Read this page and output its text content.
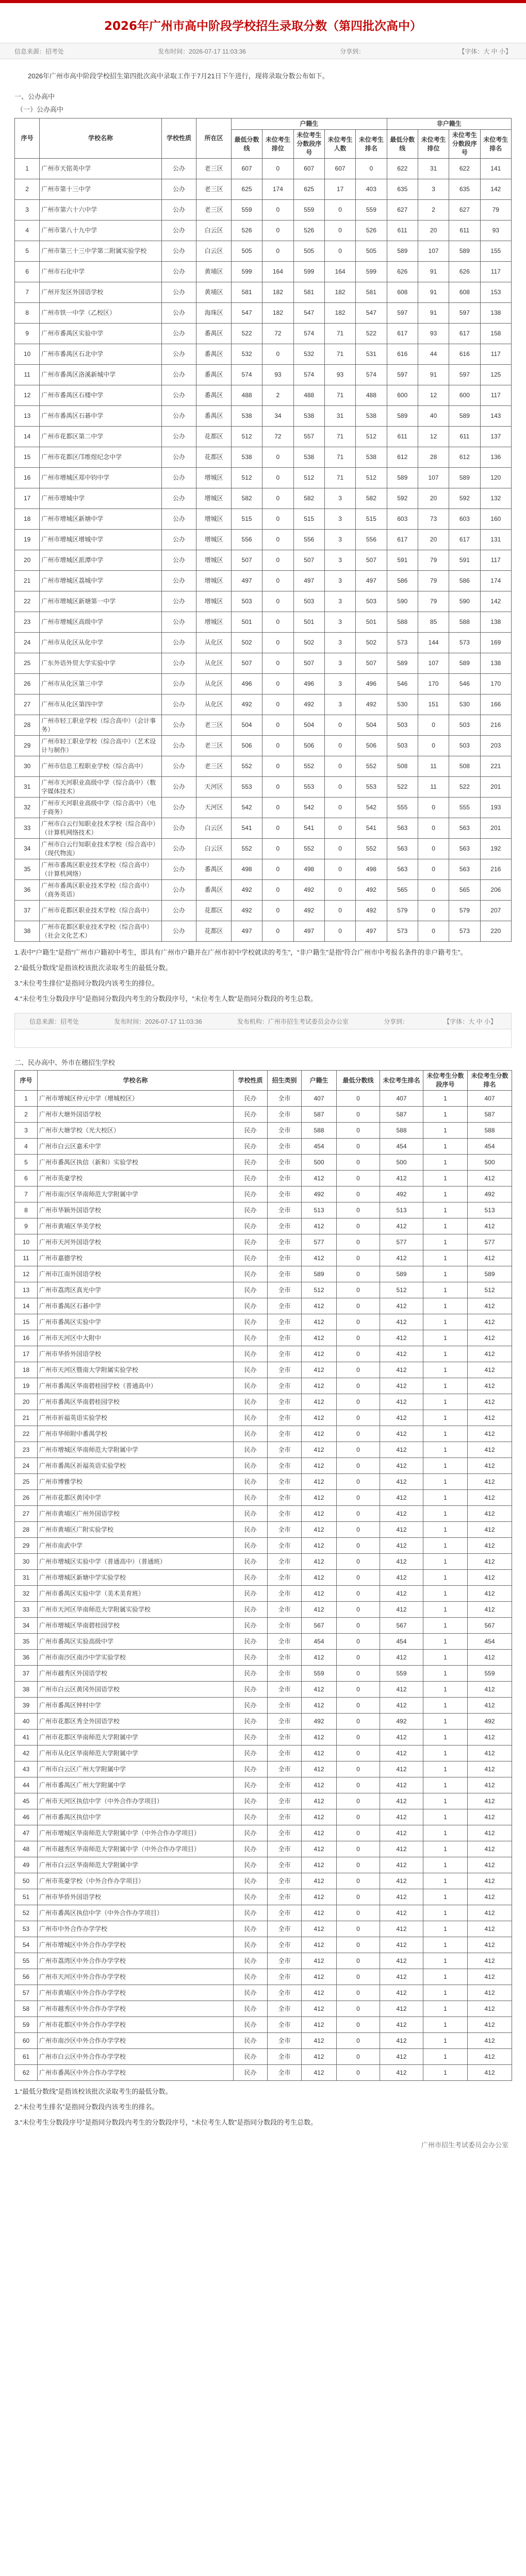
2026年广州市高中阶段学校招生录取分数（第四批次高中）
信息来源：招考处	发布时间：2026-07-17 11:03:36	分享到：	【字体：大 中 小】

2026年广州市高中阶段学校招生第四批次高中录取工作于7月21日下午进行，现将录取分数公布如下。

一、公办高中
（一）公办高中
序号	学校名称	学校性质	所在区	户籍生					非户籍生			
				最低分数线	未位考生排位	未位考生分数段序号	未位考生人数	未位考生排名	最低分数线	未位考生排位	未位考生分数段序号	未位考生排名
1	广州市天铭英中学	公办	老三区	607	0	607	607	0	622	31	622	141
2	广州市第十三中学	公办	老三区	625	174	625	17	403	635	3	635	142
3	广州市第六十六中学	公办	老三区	559	0	559	0	559	627	2	627	79
4	广州市第八十九中学	公办	白云区	526	0	526	0	526	611	20	611	93
5	广州市第三十三中学第二附属实验学校	公办	白云区	505	0	505	0	505	589	107	589	155
6	广州市石化中学	公办	黄埔区	599	164	599	164	599	626	91	626	117
7	广州开发区外国语学校	公办	黄埔区	581	182	581	182	581	608	91	608	153
8	广州市铁一中学（乙校区）	公办	海珠区	547	182	547	182	547	597	91	597	138
9	广州市番禺区实验中学	公办	番禺区	522	72	574	71	522	617	93	617	158
10	广州市番禺区石北中学	公办	番禺区	532	0	532	71	531	616	44	616	117
11	广州市番禺区洛溪新城中学	公办	番禺区	574	93	574	93	574	597	91	597	125
12	广州市番禺区石楼中学	公办	番禺区	488	2	488	71	488	600	12	600	117
13	广州市番禺区石碁中学	公办	番禺区	538	34	538	31	538	589	40	589	143
14	广州市花都区第二中学	公办	花都区	512	72	557	71	512	611	12	611	137
15	广州市花都区邝维煜纪念中学	公办	花都区	538	0	538	71	538	612	28	612	136
16	广州市增城区郑中钧中学	公办	增城区	512	0	512	71	512	589	107	589	120
17	广州市增城中学	公办	增城区	582	0	582	3	582	592	20	592	132
18	广州市增城区新塘中学	公办	增城区	515	0	515	3	515	603	73	603	160
19	广州市增城区增城中学	公办	增城区	556	0	556	3	556	617	20	617	131
20	广州市增城区派潭中学	公办	增城区	507	0	507	3	507	591	79	591	117
21	广州市增城区荔城中学	公办	增城区	497	0	497	3	497	586	79	586	174
22	广州市增城区新塘第一中学	公办	增城区	503	0	503	3	503	590	79	590	142
23	广州市增城区高级中学	公办	增城区	501	0	501	3	501	588	85	588	138
24	广州市从化区从化中学	公办	从化区	502	0	502	3	502	573	144	573	169
25	广东外语外贸大学实验中学	公办	从化区	507	0	507	3	507	589	107	589	138
26	广州市从化区第三中学	公办	从化区	496	0	496	3	496	546	170	546	170
27	广州市从化区第四中学	公办	从化区	492	0	492	3	492	530	151	530	166
28	广州市轻工职业学校（综合高中）（会计事务）	公办	老三区	504	0	504	0	504	503	0	503	216
29	广州市轻工职业学校（综合高中）（艺术设计与制作）	公办	老三区	506	0	506	0	506	503	0	503	203
30	广州市信息工程职业学校（综合高中）	公办	老三区	552	0	552	0	552	508	11	508	221
31	广州市天河职业高级中学（综合高中）（数字媒体技术）	公办	天河区	553	0	553	0	553	522	11	522	201
32	广州市天河职业高级中学（综合高中）（电子商务）	公办	天河区	542	0	542	0	542	555	0	555	193
33	广州市白云行知职业技术学校（综合高中）（计算机网络技术）	公办	白云区	541	0	541	0	541	563	0	563	201
34	广州市白云行知职业技术学校（综合高中）（现代物流）	公办	白云区	552	0	552	0	552	563	0	563	192
35	广州市番禺区职业技术学校（综合高中）（计算机网络）	公办	番禺区	498	0	498	0	498	563	0	563	216
36	广州市番禺区职业技术学校（综合高中）（商务英语）	公办	番禺区	492	0	492	0	492	565	0	565	206
37	广州市花都区职业技术学校（综合高中）	公办	花都区	492	0	492	0	492	579	0	579	207
38	广州市花都区职业技术学校（综合高中）（社会文化艺术）	公办	花都区	497	0	497	0	497	573	0	573	220

1.表中“户籍生”是指“广州市户籍初中考生，即具有广州市户籍并在广州市初中学校就读的考生”，“非户籍生”是指“符合广州市中考报名条件的非户籍考生”。

2.“最低分数线”是指该校该批次录取考生的最低分数。

3.“未位考生排位”是指同分数段内该考生的排位。

4.“未位考生分数段序号”是指同分数段内考生的分数段序号，“未位考生人数”是指同分数段的考生总数。

信息来源：招考处	发布时间：2026-07-17 11:03:36	发布机构：广州市招生考试委员会办公室	分享到：	【字体：大 中 小】
二、民办高中、外市在穗招生学校
序号	学校名称	学校性质	招生类别	户籍生	最低分数线	未位考生排名	未位考生分数段序号	未位考生分数排名
1	广州市增城区仲元中学（增城校区）	民办	全市	407	0	407	1	407
2	广州市大塘外国语学校	民办	全市	587	0	587	1	587
3	广州市大塘学校（光大校区）	民办	全市	588	0	588	1	588
4	广州市白云区嘉禾中学	民办	全市	454	0	454	1	454
5	广州市番禺区执信（新和）实验学校	民办	全市	500	0	500	1	500
6	广州市英豪学校	民办	全市	412	0	412	1	412
7	广州市南沙区华南师范大学附属中学	民办	全市	492	0	492	1	492
8	广州市华颖外国语学校	民办	全市	513	0	513	1	513
9	广州市黄埔区华美学校	民办	全市	412	0	412	1	412
10	广州市天河外国语学校	民办	全市	577	0	577	1	577
11	广州市嘉德学校	民办	全市	412	0	412	1	412
12	广州市江南外国语学校	民办	全市	589	0	589	1	589
13	广州市荔湾区真光中学	民办	全市	512	0	512	1	512
14	广州市番禺区石碁中学	民办	全市	412	0	412	1	412
15	广州市番禺区实验中学	民办	全市	412	0	412	1	412
16	广州市天河区中大附中	民办	全市	412	0	412	1	412
17	广州市华侨外国语学校	民办	全市	412	0	412	1	412
18	广州市天河区暨南大学附属实验学校	民办	全市	412	0	412	1	412
19	广州市番禺区华南碧桂园学校（普通高中）	民办	全市	412	0	412	1	412
20	广州市番禺区华南碧桂园学校	民办	全市	412	0	412	1	412
21	广州市祈福英语实验学校	民办	全市	412	0	412	1	412
22	广州市华师附中番禺学校	民办	全市	412	0	412	1	412
23	广州市增城区华南师范大学附属中学	民办	全市	412	0	412	1	412
24	广州市番禺区祈福英语实验学校	民办	全市	412	0	412	1	412
25	广州市博雅学校	民办	全市	412	0	412	1	412
26	广州市花都区黄冈中学	民办	全市	412	0	412	1	412
27	广州市黄埔区广州外国语学校	民办	全市	412	0	412	1	412
28	广州市黄埔区广附实验学校	民办	全市	412	0	412	1	412
29	广州市南武中学	民办	全市	412	0	412	1	412
30	广州市增城区实验中学（普通高中）（普通班）	民办	全市	412	0	412	1	412
31	广州市增城区新塘中学实验学校	民办	全市	412	0	412	1	412
32	广州市番禺区实验中学（美术美育班）	民办	全市	412	0	412	1	412
33	广州市天河区华南师范大学附属实验学校	民办	全市	412	0	412	1	412
34	广州市增城区华南碧桂园学校	民办	全市	567	0	567	1	567
35	广州市番禺区实验高级中学	民办	全市	454	0	454	1	454
36	广州市南沙区南沙中学实验学校	民办	全市	412	0	412	1	412
37	广州市越秀区外国语学校	民办	全市	559	0	559	1	559
38	广州市白云区黄冈外国语学校	民办	全市	412	0	412	1	412
39	广州市番禺区钟村中学	民办	全市	412	0	412	1	412
40	广州市花都区秀全外国语学校	民办	全市	492	0	492	1	492
41	广州市花都区华南师范大学附属中学	民办	全市	412	0	412	1	412
42	广州市从化区华南师范大学附属中学	民办	全市	412	0	412	1	412
43	广州市白云区广州大学附属中学	民办	全市	412	0	412	1	412
44	广州市番禺区广州大学附属中学	民办	全市	412	0	412	1	412
45	广州市天河区执信中学（中外合作办学项目）	民办	全市	412	0	412	1	412
46	广州市番禺区执信中学	民办	全市	412	0	412	1	412
47	广州市增城区华南师范大学附属中学（中外合作办学项目）	民办	全市	412	0	412	1	412
48	广州市越秀区华南师范大学附属中学（中外合作办学项目）	民办	全市	412	0	412	1	412
49	广州市白云区华南师范大学附属中学	民办	全市	412	0	412	1	412
50	广州市英豪学校（中外合作办学项目）	民办	全市	412	0	412	1	412
51	广州市华侨外国语学校	民办	全市	412	0	412	1	412
52	广州市番禺区执信中学（中外合作办学项目）	民办	全市	412	0	412	1	412
53	广州市中外合作办学学校	民办	全市	412	0	412	1	412
54	广州市增城区中外合作办学学校	民办	全市	412	0	412	1	412
55	广州市荔湾区中外合作办学学校	民办	全市	412	0	412	1	412
56	广州市天河区中外合作办学学校	民办	全市	412	0	412	1	412
57	广州市黄埔区中外合作办学学校	民办	全市	412	0	412	1	412
58	广州市越秀区中外合作办学学校	民办	全市	412	0	412	1	412
59	广州市花都区中外合作办学学校	民办	全市	412	0	412	1	412
60	广州市南沙区中外合作办学学校	民办	全市	412	0	412	1	412
61	广州市白云区中外合作办学学校	民办	全市	412	0	412	1	412
62	广州市番禺区中外合作办学学校	民办	全市	412	0	412	1	412

1.“最低分数线”是指该校该批次录取考生的最低分数。

2.“未位考生排名”是指同分数段内该考生的排名。

3.“未位考生分数段序号”是指同分数段内考生的分数段序号，“未位考生人数”是指同分数段的考生总数。

广州市招生考试委员会办公室
